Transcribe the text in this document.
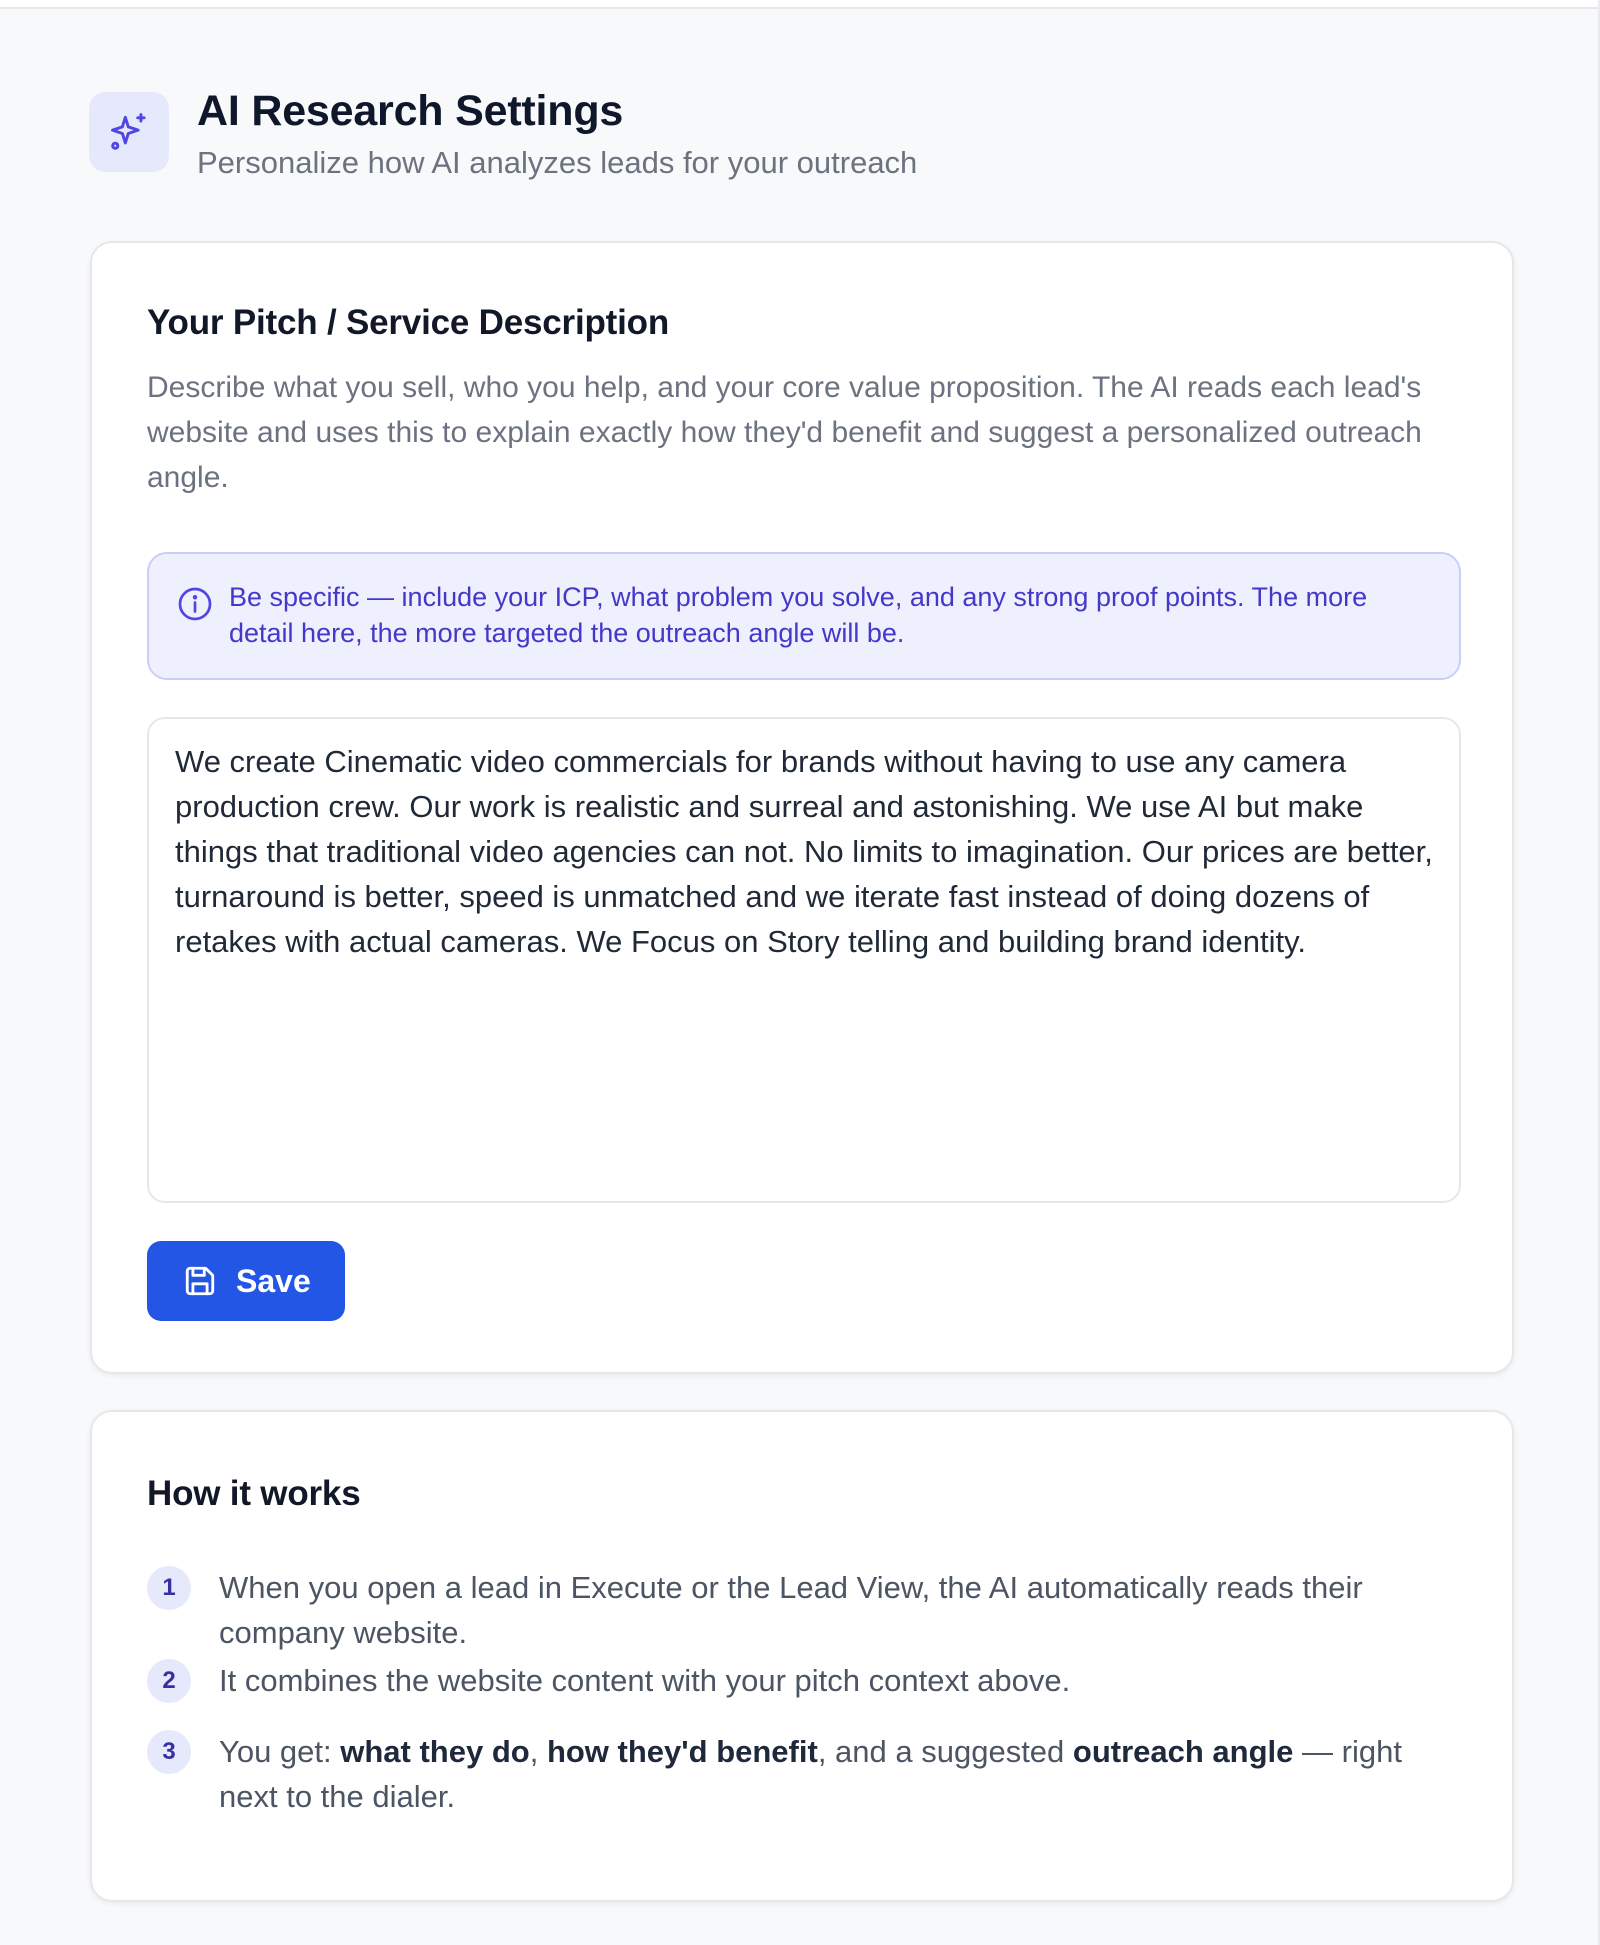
AI Research Settings
Personalize how AI analyzes leads for your outreach
Your Pitch / Service Description
Describe what you sell, who you help, and your core value proposition. The AI reads each lead's website and uses this to explain exactly how they'd benefit and suggest a personalized outreach angle.
Be specific — include your ICP, what problem you solve, and any strong proof points. The more detail here, the more targeted the outreach angle will be.
We create Cinematic video commercials for brands without having to use any camera production crew. Our work is realistic and surreal and astonishing. We use AI but make things that traditional video agencies can not. No limits to imagination. Our prices are better, turnaround is better, speed is unmatched and we iterate fast instead of doing dozens of retakes with actual cameras. We Focus on Story telling and building brand identity.
Save
How it works
1	When you open a lead in Execute or the Lead View, the AI automatically reads their company website.
2	It combines the website content with your pitch context above.
3	You get: what they do, how they'd benefit, and a suggested outreach angle — right next to the dialer.
